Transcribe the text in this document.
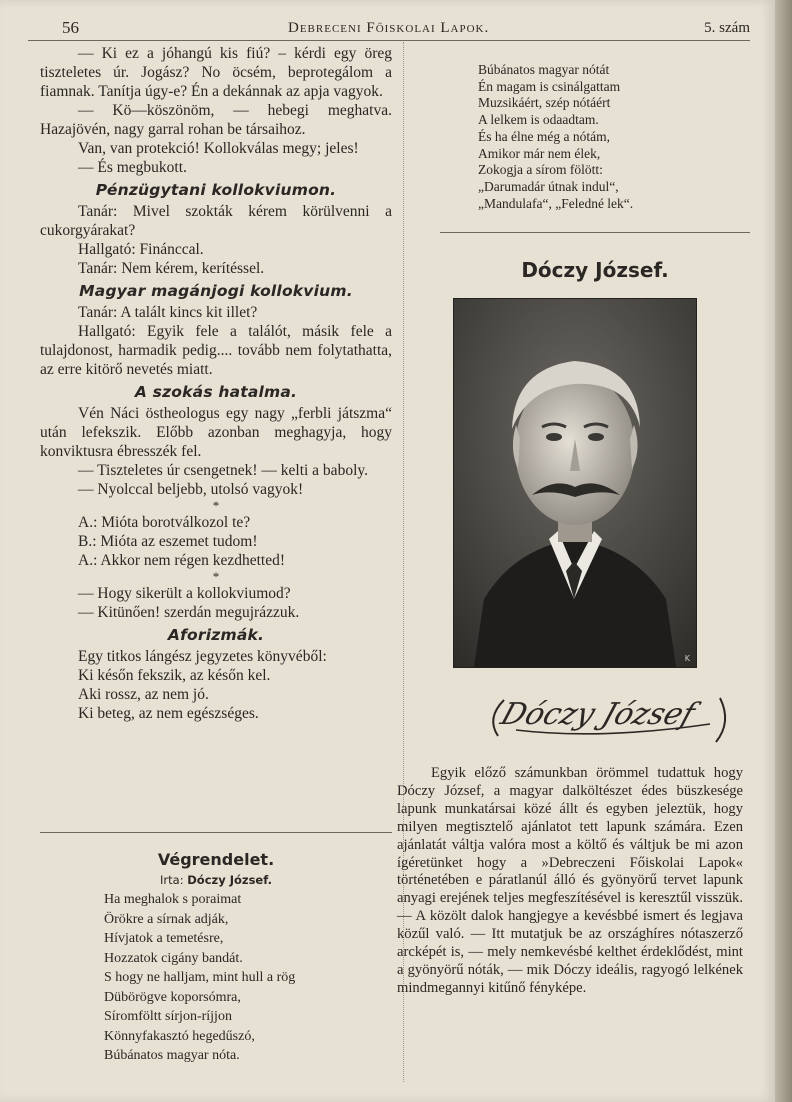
56	Debreceni Főiskolai Lapok.	5. szám

— Ki ez a jóhangú kis fiú? – kérdi egy öreg tiszteletes úr. Jogász? No öcsém, beprotegálom a fiamnak. Tanítja úgy-e? Én a dekánnak az apja vagyok.

— Kö—köszönöm, — hebegi meghatva. Hazajövén, nagy garral rohan be társaihoz.

Van, van protekció! Kollokválas megy; jeles!

— És megbukott.

Pénzügytani kollokviumon.

Tanár: Mivel szokták kérem körülvenni a cukorgyárakat?

Hallgató: Fináncсal.

Tanár: Nem kérem, kerítéssel.

Magyar magánjogi kollokvium.

Tanár: A talált kincs kit illet?

Hallgató: Egyik fele a találót, másik fele a tulajdonost, harmadik pedig.... tovább nem folytathatta, az erre kitörő nevetés miatt.

A szokás hatalma.

Vén Náci östheologus egy nagy „ferbli játszma“ után lefekszik. Előbb azonban meghagyja, hogy konviktusra ébresszék fel.

— Tiszteletes úr csengetnek! — kelti a baboly.

— Nyolccal beljebb, utolsó vagyok!

*

A.: Mióta borotválkozol te?

B.: Mióta az eszemet tudom!

A.: Akkor nem régen kezdhetted!

*

— Hogy sikerült a kollokviumod?

— Kitünően! szerdán megujrázzuk.

Aforizmák.

Egy titkos lángész jegyzetes könyvéből:

Ki későn fekszik, az későn kel.

Aki rossz, az nem jó.

Ki beteg, az nem egészséges.

Végrendelet.
Irta: Dóczy József.
Ha meghalok s poraimat
Örökre a sírnak adják,
Hívjatok a temetésre,
Hozzatok cigány bandát.
S hogy ne halljam, mint hull a rög
Dübörögve koporsómra,
Síromföltt sírjon-ríjjon
Könnyfakasztó hegedűszó,
Búbánatos magyar nóta.
Búbánatos magyar nótát
Én magam is csinálgattam
Muzsikáért, szép nótáért
A lelkem is odaadtam.
És ha élne még a nótám,
Amikor már nem élek,
Zokogja a sírom fölött:
„Darumadár útnak indul“,
„Mandulafa“, „Feledné lek“.
Dóczy József.
K
Dóczy József

Egyik előző számunkban örömmel tudattuk hogy Dóczy József, a magyar dalköltészet édes büszkesége lapunk munkatársai közé állt és egyben jeleztük, hogy milyen megtisztelő ajánlatot tett lapunk számára. Ezen ajánlatát váltja valóra most a költő és váltjuk be mi azon ígéretünket hogy a »Debreczeni Főiskolai Lapok« történetében e páratlanúl álló és gyönyörű tervet lapunk anyagi erejének teljes megfeszítésével is keresztűl visszük. — A közölt dalok hangjegye a kevésbbé ismert és legjava közűl való. — Itt mutatjuk be az országhíres nótaszerző arcképét is, — mely nemkevésbé kelthet érdeklődést, mint a gyönyörű nóták, — mik Dóczy ideális, ragyogó lelkének mindmegannyi kitűnő fényképe.
